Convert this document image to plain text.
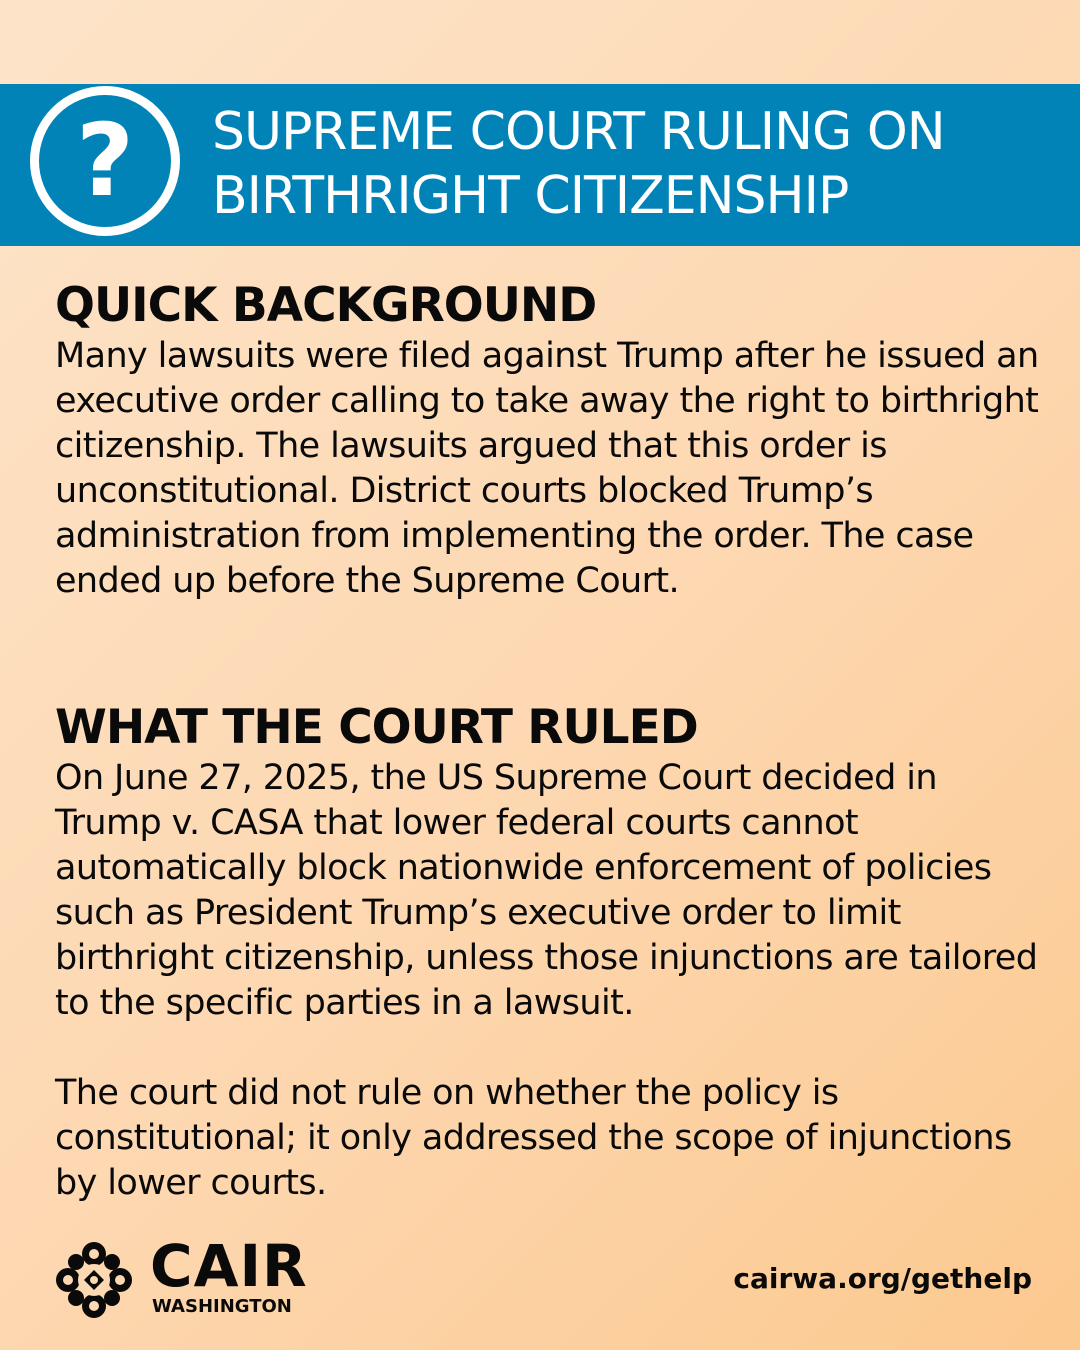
? SUPREME COURT RULING ON
BIRTHRIGHT CITIZENSHIP
QUICK BACKGROUND

Many lawsuits were filed against Trump after he issued an executive order calling to take away the right to birthright citizenship. The lawsuits argued that this order is unconstitutional. District courts blocked Trump’s administration from implementing the order. The case ended up before the Supreme Court.

WHAT THE COURT RULED

On June 27, 2025, the US Supreme Court decided in Trump v. CASA that lower federal courts cannot automatically block nationwide enforcement of policies such as President Trump’s executive order to limit birthright citizenship, unless those injunctions are tailored to the specific parties in a lawsuit.

The court did not rule on whether the policy is constitutional; it only addressed the scope of injunctions by lower courts.

CAIR
WASHINGTON
cairwa.org/gethelp
